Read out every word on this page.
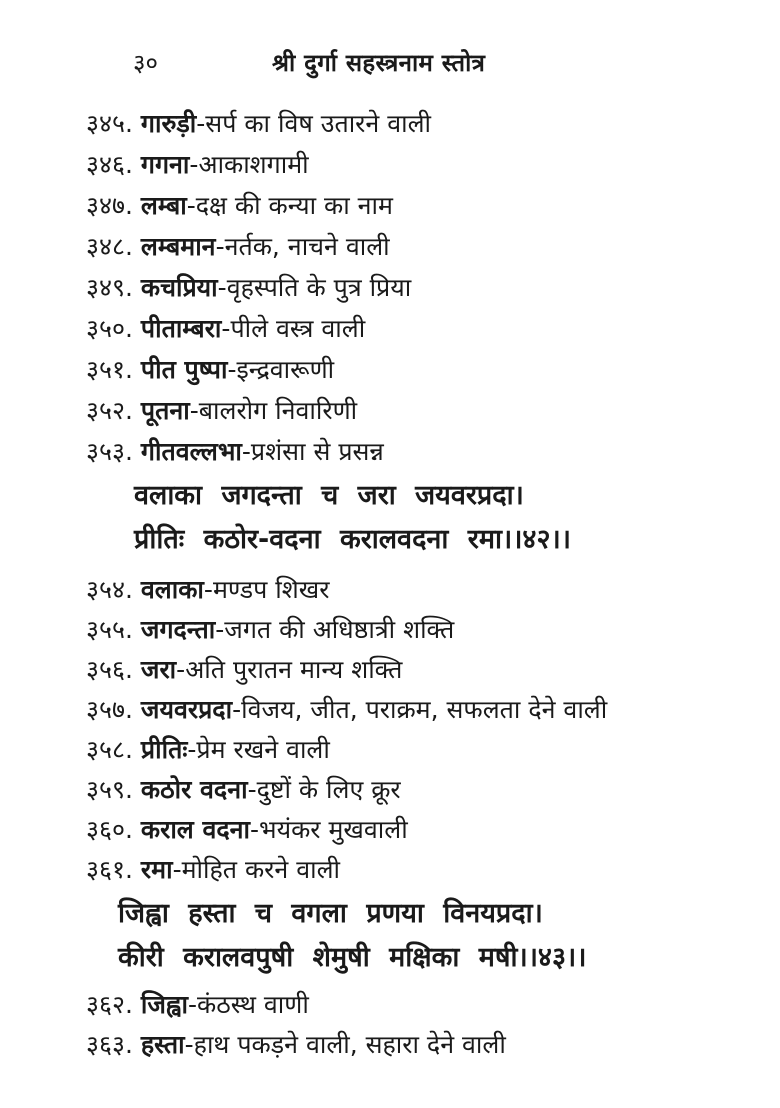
३०	श्री दुर्गा सहस्त्रनाम स्तोत्र
३४५. गारुड़ी-सर्प का विष उतारने वाली
३४६. गगना-आकाशगामी
३४७. लम्बा-दक्ष की कन्या का नाम
३४८. लम्बमान-नर्तक, नाचने वाली
३४९. कचप्रिया-वृहस्पति के पुत्र प्रिया
३५०. पीताम्बरा-पीले वस्त्र वाली
३५१. पीत पुष्पा-इन्द्रवारूणी
३५२. पूतना-बालरोग निवारिणी
३५३. गीतवल्लभा-प्रशंसा से प्रसन्न
वलाका जगदन्ता च जरा जयवरप्रदा।
प्रीतिः कठोर-वदना करालवदना रमा।।४२।।
३५४. वलाका-मण्डप शिखर
३५५. जगदन्ता-जगत की अधिष्ठात्री शक्ति
३५६. जरा-अति पुरातन मान्य शक्ति
३५७. जयवरप्रदा-विजय, जीत, पराक्रम, सफलता देने वाली
३५८. प्रीतिः-प्रेम रखने वाली
३५९. कठोर वदना-दुष्टों के लिए क्रूर
३६०. कराल वदना-भयंकर मुखवाली
३६१. रमा-मोहित करने वाली
जिह्वा हस्ता च वगला प्रणया विनयप्रदा।
कीरी करालवपुषी शेमुषी मक्षिका मषी।।४३।।
३६२. जिह्वा-कंठस्थ वाणी
३६३. हस्ता-हाथ पकड़ने वाली, सहारा देने वाली
